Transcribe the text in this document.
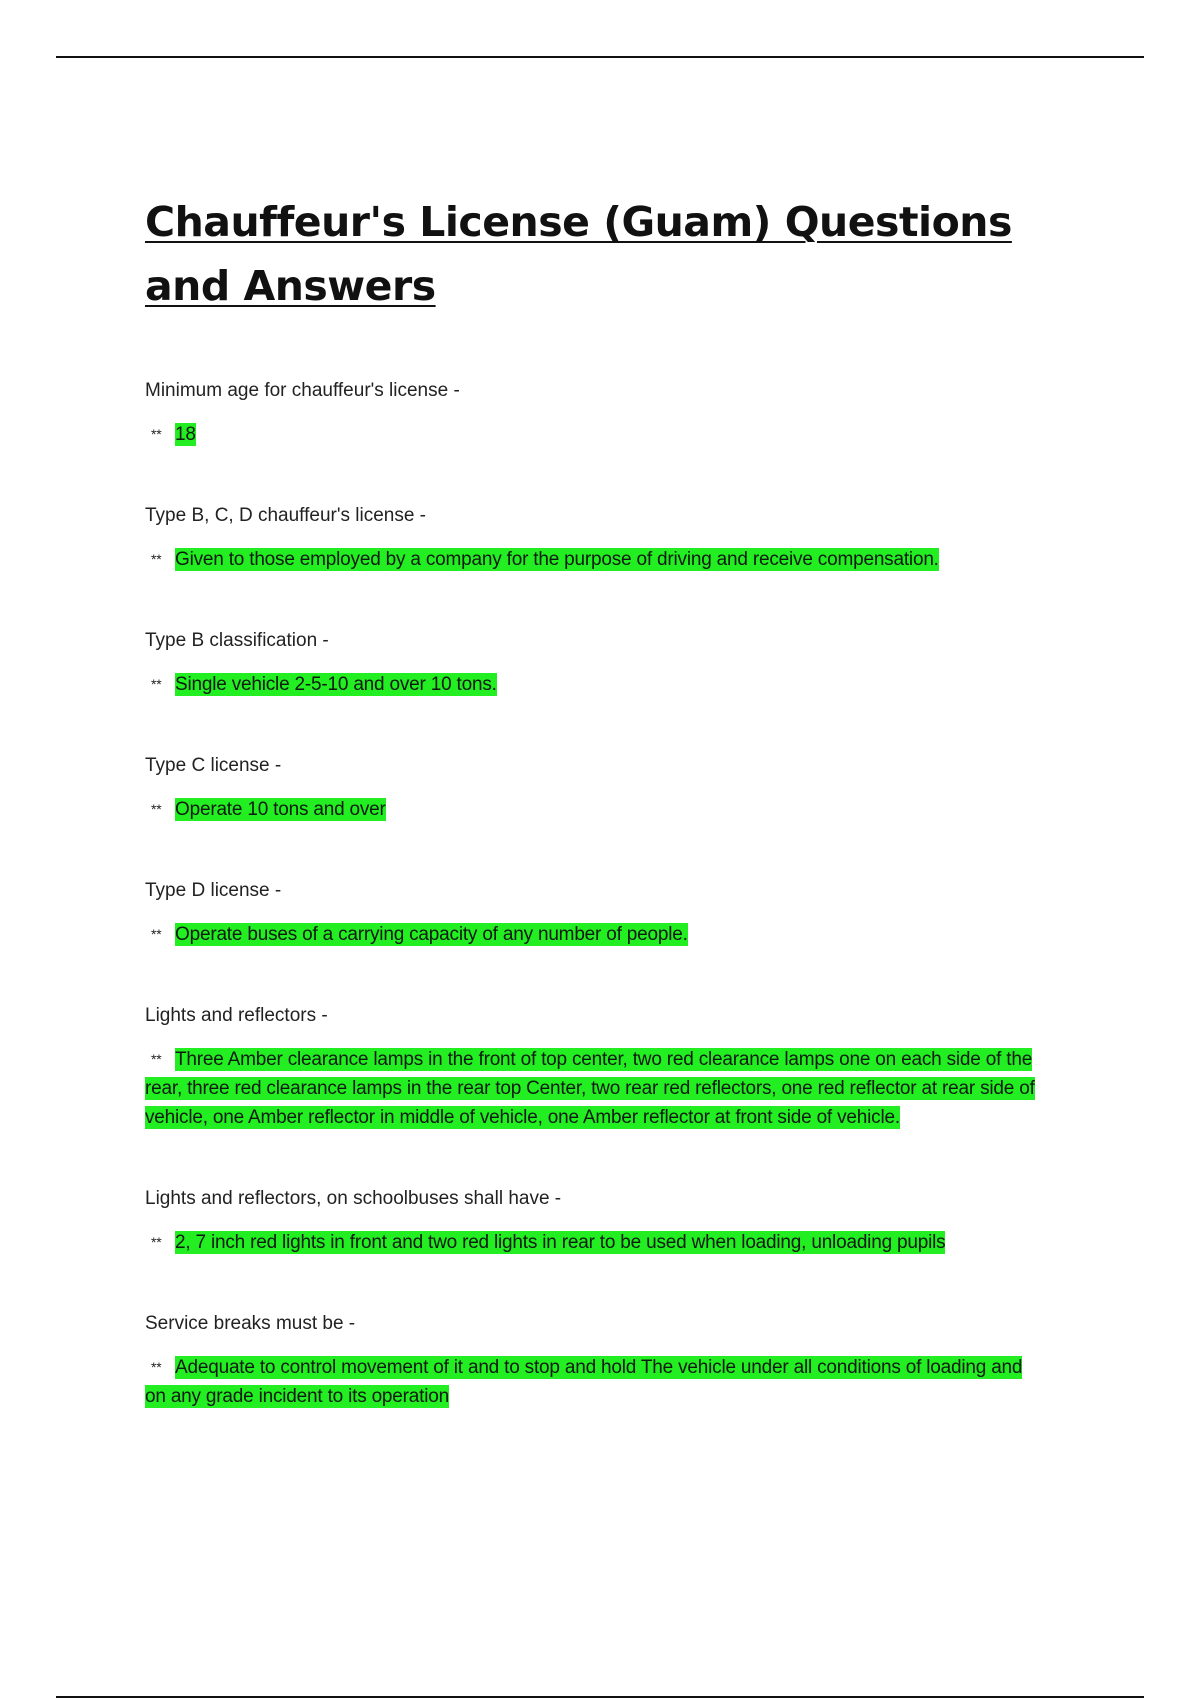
Chauffeur's License (Guam) Questions and Answers

Minimum age for chauffeur's license -

** 18

Type B, C, D chauffeur's license -

** Given to those employed by a company for the purpose of driving and receive compensation.

Type B classification -

** Single vehicle 2-5-10 and over 10 tons.

Type C license -

** Operate 10 tons and over

Type D license -

** Operate buses of a carrying capacity of any number of people.

Lights and reflectors -

** Three Amber clearance lamps in the front of top center, two red clearance lamps one on each side of the rear, three red clearance lamps in the rear top Center, two rear red reflectors, one red reflector at rear side of vehicle, one Amber reflector in middle of vehicle, one Amber reflector at front side of vehicle.

Lights and reflectors, on schoolbuses shall have -

** 2, 7 inch red lights in front and two red lights in rear to be used when loading, unloading pupils

Service breaks must be -

** Adequate to control movement of it and to stop and hold The vehicle under all conditions of loading and on any grade incident to its operation
